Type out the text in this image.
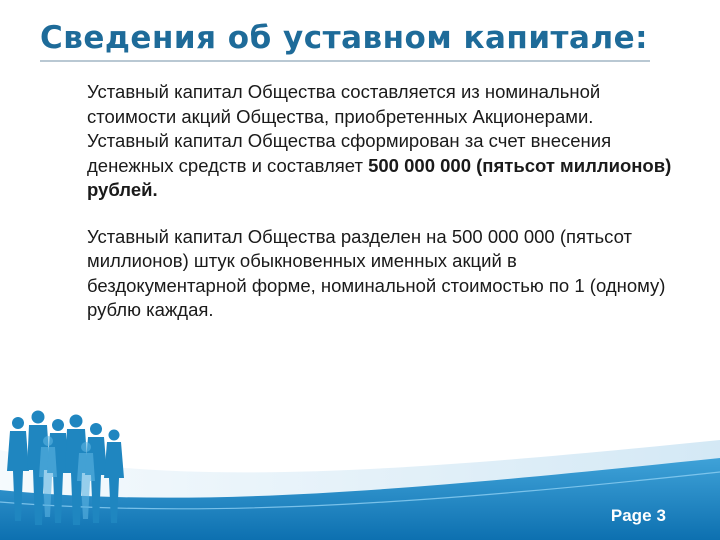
Сведения об уставном капитале:

Уставный капитал Общества составляется из номинальной стоимости акций Общества, приобретенных Акционерами. Уставный капитал Общества сформирован за счет внесения денежных средств и составляет 500 000 000 (пятьсот миллионов) рублей.

Уставный капитал Общества разделен на 500 000 000 (пятьсот миллионов) штук обыкновенных именных акций в бездокументарной форме, номинальной стоимостью по 1 (одному) рублю каждая.

Page 3
